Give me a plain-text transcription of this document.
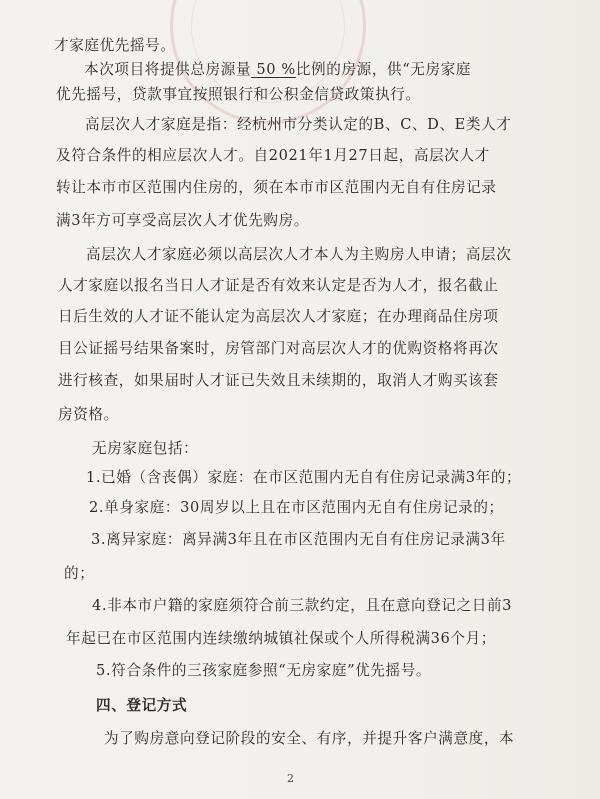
才家庭优先摇号。
本次项目将提供总房源量 50 %比例的房源，供“无房家庭
优先摇号，贷款事宜按照银行和公积金信贷政策执行。
高层次人才家庭是指：经杭州市分类认定的B、C、D、E类人才
及符合条件的相应层次人才。自2021年1月27日起，高层次人才
转让本市市区范围内住房的，须在本市市区范围内无自有住房记录
满3年方可享受高层次人才优先购房。
高层次人才家庭必须以高层次人才本人为主购房人申请；高层次
人才家庭以报名当日人才证是否有效来认定是否为人才，报名截止
日后生效的人才证不能认定为高层次人才家庭；在办理商品住房项
目公证摇号结果备案时，房管部门对高层次人才的优购资格将再次
进行核查，如果届时人才证已失效且未续期的，取消人才购买该套
房资格。
无房家庭包括：
1.已婚（含丧偶）家庭：在市区范围内无自有住房记录满3年的；
2.单身家庭：30周岁以上且在市区范围内无自有住房记录的；
3.离异家庭：离异满3年且在市区范围内无自有住房记录满3年
的；
4.非本市户籍的家庭须符合前三款约定，且在意向登记之日前3
年起已在市区范围内连续缴纳城镇社保或个人所得税满36个月；
5.符合条件的三孩家庭参照“无房家庭”优先摇号。
四、登记方式
为了购房意向登记阶段的安全、有序，并提升客户满意度，本
2
